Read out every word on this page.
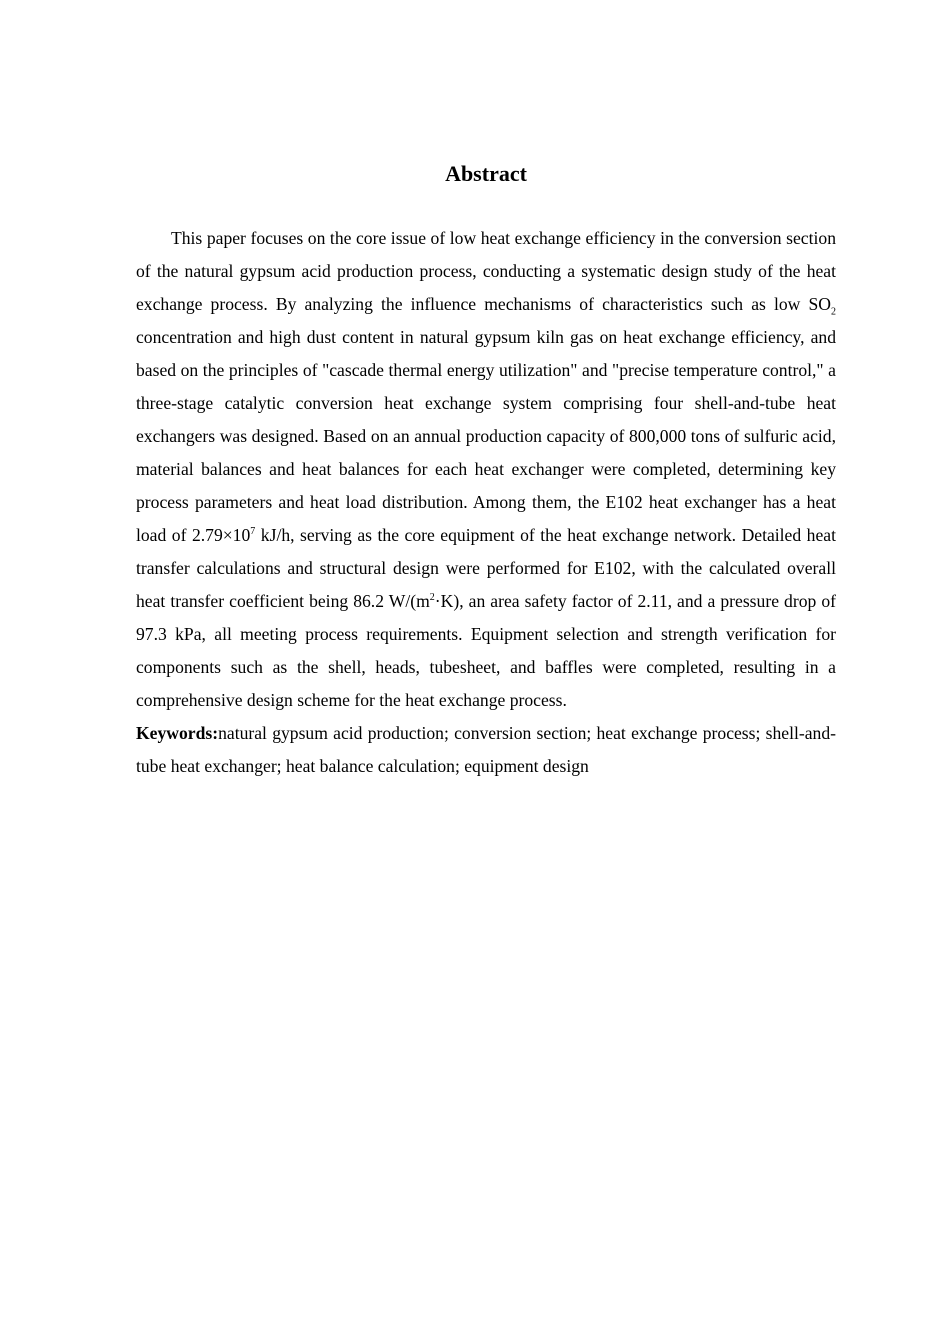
Abstract

This paper focuses on the core issue of low heat exchange efficiency in the conversion section of the natural gypsum acid production process, conducting a systematic design study of the heat exchange process. By analyzing the influence mechanisms of characteristics such as low $SO_2$ concentration and high dust content in natural gypsum kiln gas on heat exchange efficiency, and based on the principles of "cascade thermal energy utilization" and "precise temperature control," a three-stage catalytic conversion heat exchange system comprising four shell-and-tube heat exchangers was designed. Based on an annual production capacity of 800,000 tons of sulfuric acid, material balances and heat balances for each heat exchanger were completed, determining key process parameters and heat load distribution. Among them, the E102 heat exchanger has a heat load of $2.79\times 10^7$ kJ/h, serving as the core equipment of the heat exchange network. Detailed heat transfer calculations and structural design were performed for E102, with the calculated overall heat transfer coefficient being 86.2 $W/(m^2\cdot K)$, an area safety factor of 2.11, and a pressure drop of 97.3 kPa, all meeting process requirements. Equipment selection and strength verification for components such as the shell, heads, tubesheet, and baffles were completed, resulting in a comprehensive design scheme for the heat exchange process.

Keywords:natural gypsum acid production; conversion section; heat exchange process; shell-and-tube heat exchanger; heat balance calculation; equipment design
